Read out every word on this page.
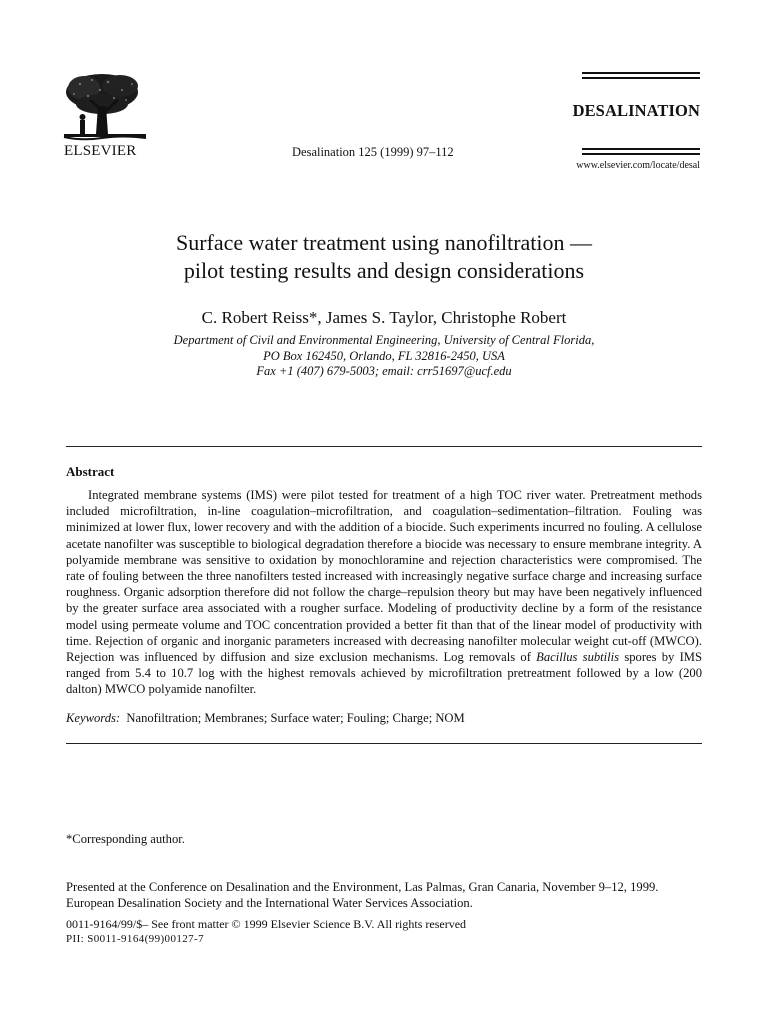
ELSEVIER	Desalination 125 (1999) 97–112
DESALINATION
www.elsevier.com/locate/desal
Surface water treatment using nanofiltration —
pilot testing results and design considerations
C. Robert Reiss*, James S. Taylor, Christophe Robert
Department of Civil and Environmental Engineering, University of Central Florida,
PO Box 162450, Orlando, FL 32816-2450, USA
Fax +1 (407) 679-5003; email: crr51697@ucf.edu
Abstract

Integrated membrane systems (IMS) were pilot tested for treatment of a high TOC river water. Pretreatment methods included microfiltration, in-line coagulation–microfiltration, and coagulation–sedimentation–filtration. Fouling was minimized at lower flux, lower recovery and with the addition of a biocide. Such experiments incurred no fouling. A cellulose acetate nanofilter was susceptible to biological degradation therefore a biocide was necessary to ensure membrane integrity. A polyamide membrane was sensitive to oxidation by monochloramine and rejection characteristics were compromised. The rate of fouling between the three nanofilters tested increased with increasingly negative surface charge and increasing surface roughness. Organic adsorption therefore did not follow the charge–repulsion theory but may have been negatively influenced by the greater surface area associated with a rougher surface. Modeling of productivity decline by a form of the resistance model using permeate volume and TOC concentration provided a better fit than that of the linear model of productivity with time. Rejection of organic and inorganic parameters increased with decreasing nanofilter molecular weight cut-off (MWCO). Rejection was influenced by diffusion and size exclusion mechanisms. Log removals of Bacillus subtilis spores by IMS ranged from 5.4 to 10.7 log with the highest removals achieved by microfiltration pretreatment followed by a low (200 dalton) MWCO polyamide nanofilter.

Keywords: Nanofiltration; Membranes; Surface water; Fouling; Charge; NOM
*Corresponding author.
Presented at the Conference on Desalination and the Environment, Las Palmas, Gran Canaria, November 9–12, 1999.
European Desalination Society and the International Water Services Association.
0011-9164/99/$– See front matter © 1999 Elsevier Science B.V. All rights reserved
PII: S0011-9164(99)00127-7
